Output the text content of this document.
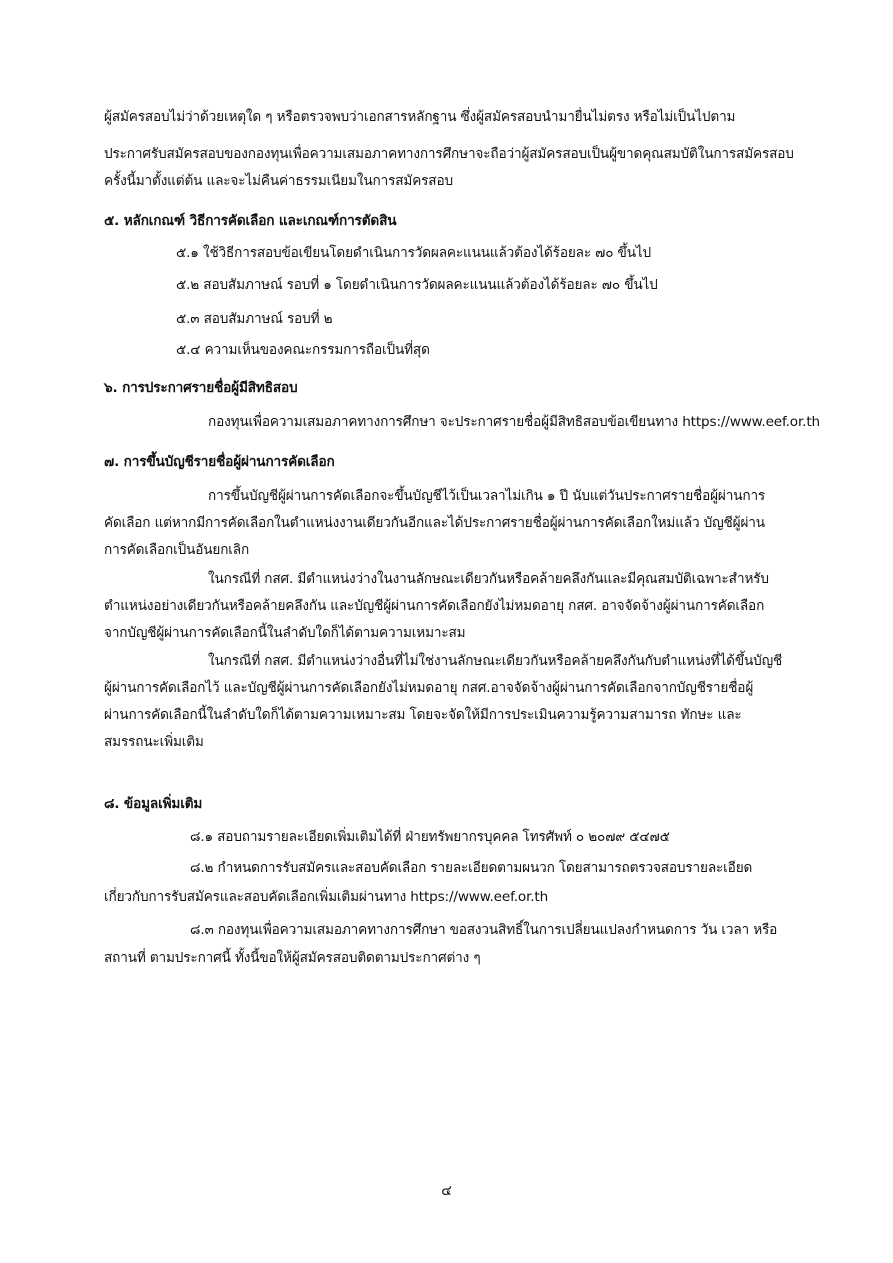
ผู้สมัครสอบไม่ว่าด้วยเหตุใด ๆ หรือตรวจพบว่าเอกสารหลักฐาน ซึ่งผู้สมัครสอบนำมายื่นไม่ตรง หรือไม่เป็นไปตาม
ประกาศรับสมัครสอบของกองทุนเพื่อความเสมอภาคทางการศึกษาจะถือว่าผู้สมัครสอบเป็นผู้ขาดคุณสมบัติในการสมัครสอบ
ครั้งนี้มาตั้งแต่ต้น และจะไม่คืนค่าธรรมเนียมในการสมัครสอบ
๕. หลักเกณฑ์ วิธีการคัดเลือก และเกณฑ์การตัดสิน
๕.๑ ใช้วิธีการสอบข้อเขียนโดยดำเนินการวัดผลคะแนนแล้วต้องได้ร้อยละ ๗๐ ขึ้นไป
๕.๒ สอบสัมภาษณ์ รอบที่ ๑ โดยดำเนินการวัดผลคะแนนแล้วต้องได้ร้อยละ ๗๐ ขึ้นไป
๕.๓ สอบสัมภาษณ์ รอบที่ ๒
๕.๔ ความเห็นของคณะกรรมการถือเป็นที่สุด
๖. การประกาศรายชื่อผู้มีสิทธิสอบ
กองทุนเพื่อความเสมอภาคทางการศึกษา จะประกาศรายชื่อผู้มีสิทธิสอบข้อเขียนทาง https://www.eef.or.th
๗. การขึ้นบัญชีรายชื่อผู้ผ่านการคัดเลือก
การขึ้นบัญชีผู้ผ่านการคัดเลือกจะขึ้นบัญชีไว้เป็นเวลาไม่เกิน ๑ ปี นับแต่วันประกาศรายชื่อผู้ผ่านการ
คัดเลือก แต่หากมีการคัดเลือกในตำแหน่งงานเดียวกันอีกและได้ประกาศรายชื่อผู้ผ่านการคัดเลือกใหม่แล้ว บัญชีผู้ผ่าน
การคัดเลือกเป็นอันยกเลิก
ในกรณีที่ กสศ. มีตำแหน่งว่างในงานลักษณะเดียวกันหรือคล้ายคลึงกันและมีคุณสมบัติเฉพาะสำหรับ
ตำแหน่งอย่างเดียวกันหรือคล้ายคลึงกัน และบัญชีผู้ผ่านการคัดเลือกยังไม่หมดอายุ กสศ. อาจจัดจ้างผู้ผ่านการคัดเลือก
จากบัญชีผู้ผ่านการคัดเลือกนี้ในลำดับใดก็ได้ตามความเหมาะสม
ในกรณีที่ กสศ. มีตำแหน่งว่างอื่นที่ไม่ใช่งานลักษณะเดียวกันหรือคล้ายคลึงกันกับตำแหน่งที่ได้ขึ้นบัญชี
ผู้ผ่านการคัดเลือกไว้ และบัญชีผู้ผ่านการคัดเลือกยังไม่หมดอายุ กสศ.อาจจัดจ้างผู้ผ่านการคัดเลือกจากบัญชีรายชื่อผู้
ผ่านการคัดเลือกนี้ในลำดับใดก็ได้ตามความเหมาะสม โดยจะจัดให้มีการประเมินความรู้ความสามารถ ทักษะ และ
สมรรถนะเพิ่มเติม
๘. ข้อมูลเพิ่มเติม
๘.๑ สอบถามรายละเอียดเพิ่มเติมได้ที่ ฝ่ายทรัพยากรบุคคล โทรศัพท์ ๐ ๒๐๗๙ ๕๔๗๕
๘.๒ กำหนดการรับสมัครและสอบคัดเลือก รายละเอียดตามผนวก โดยสามารถตรวจสอบรายละเอียด
เกี่ยวกับการรับสมัครและสอบคัดเลือกเพิ่มเติมผ่านทาง https://www.eef.or.th
๘.๓ กองทุนเพื่อความเสมอภาคทางการศึกษา ขอสงวนสิทธิ์ในการเปลี่ยนแปลงกำหนดการ วัน เวลา หรือ
สถานที่ ตามประกาศนี้ ทั้งนี้ขอให้ผู้สมัครสอบติดตามประกาศต่าง ๆ
๔
